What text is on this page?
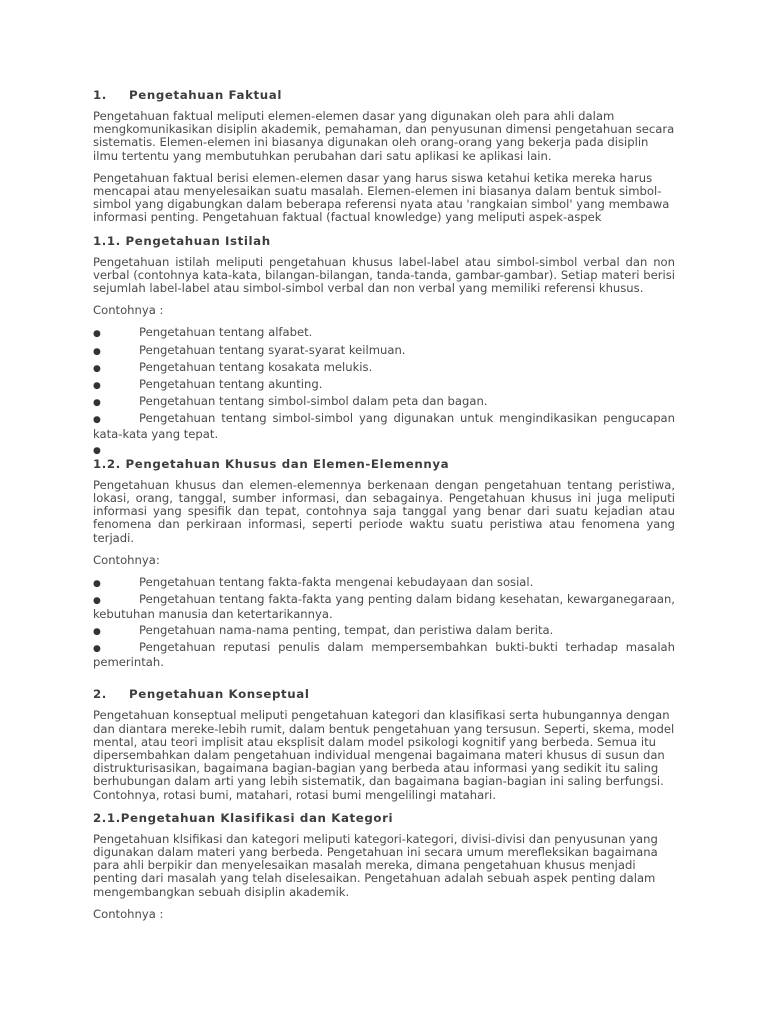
1. Pengetahuan Faktual

Pengetahuan faktual meliputi elemen-elemen dasar yang digunakan oleh para ahli dalam mengkomunikasikan disiplin akademik, pemahaman, dan penyusunan dimensi pengetahuan secara sistematis. Elemen-elemen ini biasanya digunakan oleh orang-orang yang bekerja pada disiplin ilmu tertentu yang membutuhkan perubahan dari satu aplikasi ke aplikasi lain.

Pengetahuan faktual berisi elemen-elemen dasar yang harus siswa ketahui ketika mereka harus mencapai atau menyelesaikan suatu masalah. Elemen-elemen ini biasanya dalam bentuk simbol-simbol yang digabungkan dalam beberapa referensi nyata atau 'rangkaian simbol' yang membawa informasi penting. Pengetahuan faktual (factual knowledge) yang meliputi aspek-aspek

1.1. Pengetahuan Istilah

Pengetahuan istilah meliputi pengetahuan khusus label-label atau simbol-simbol verbal dan non verbal (contohnya kata-kata, bilangan-bilangan, tanda-tanda, gambar-gambar). Setiap materi berisi sejumlah label-label atau simbol-simbol verbal dan non verbal yang memiliki referensi khusus.

Contohnya :

●	Pengetahuan tentang alfabet.
●	Pengetahuan tentang syarat-syarat keilmuan.
●	Pengetahuan tentang kosakata melukis.
●	Pengetahuan tentang akunting.
●	Pengetahuan tentang simbol-simbol dalam peta dan bagan.
●	Pengetahuan tentang simbol-simbol yang digunakan untuk mengindikasikan pengucapan kata-kata yang tepat.
●
1.2. Pengetahuan Khusus dan Elemen-Elemennya

Pengetahuan khusus dan elemen-elemennya berkenaan dengan pengetahuan tentang peristiwa, lokasi, orang, tanggal, sumber informasi, dan sebagainya. Pengetahuan khusus ini juga meliputi informasi yang spesifik dan tepat, contohnya saja tanggal yang benar dari suatu kejadian atau fenomena dan perkiraan informasi, seperti periode waktu suatu peristiwa atau fenomena yang terjadi.

Contohnya:

●	Pengetahuan tentang fakta-fakta mengenai kebudayaan dan sosial.
●	Pengetahuan tentang fakta-fakta yang penting dalam bidang kesehatan, kewarganegaraan, kebutuhan manusia dan ketertarikannya.
●	Pengetahuan nama-nama penting, tempat, dan peristiwa dalam berita.
●	Pengetahuan reputasi penulis dalam mempersembahkan bukti-bukti terhadap masalah pemerintah.
2. Pengetahuan Konseptual

Pengetahuan konseptual meliputi pengetahuan kategori dan klasifikasi serta hubungannya dengan dan diantara mereke-lebih rumit, dalam bentuk pengetahuan yang tersusun. Seperti, skema, model mental, atau teori implisit atau eksplisit dalam model psikologi kognitif yang berbeda. Semua itu dipersembahkan dalam pengetahuan individual mengenai bagaimana materi khusus di susun dan distrukturisasikan, bagaimana bagian-bagian yang berbeda atau informasi yang sedikit itu saling berhubungan dalam arti yang lebih sistematik, dan bagaimana bagian-bagian ini saling berfungsi. Contohnya, rotasi bumi, matahari, rotasi bumi mengelilingi matahari.

2.1.Pengetahuan Klasifikasi dan Kategori

Pengetahuan klsifikasi dan kategori meliputi kategori-kategori, divisi-divisi dan penyusunan yang digunakan dalam materi yang berbeda. Pengetahuan ini secara umum merefleksikan bagaimana para ahli berpikir dan menyelesaikan masalah mereka, dimana pengetahuan khusus menjadi penting dari masalah yang telah diselesaikan. Pengetahuan adalah sebuah aspek penting dalam mengembangkan sebuah disiplin akademik.

Contohnya :
